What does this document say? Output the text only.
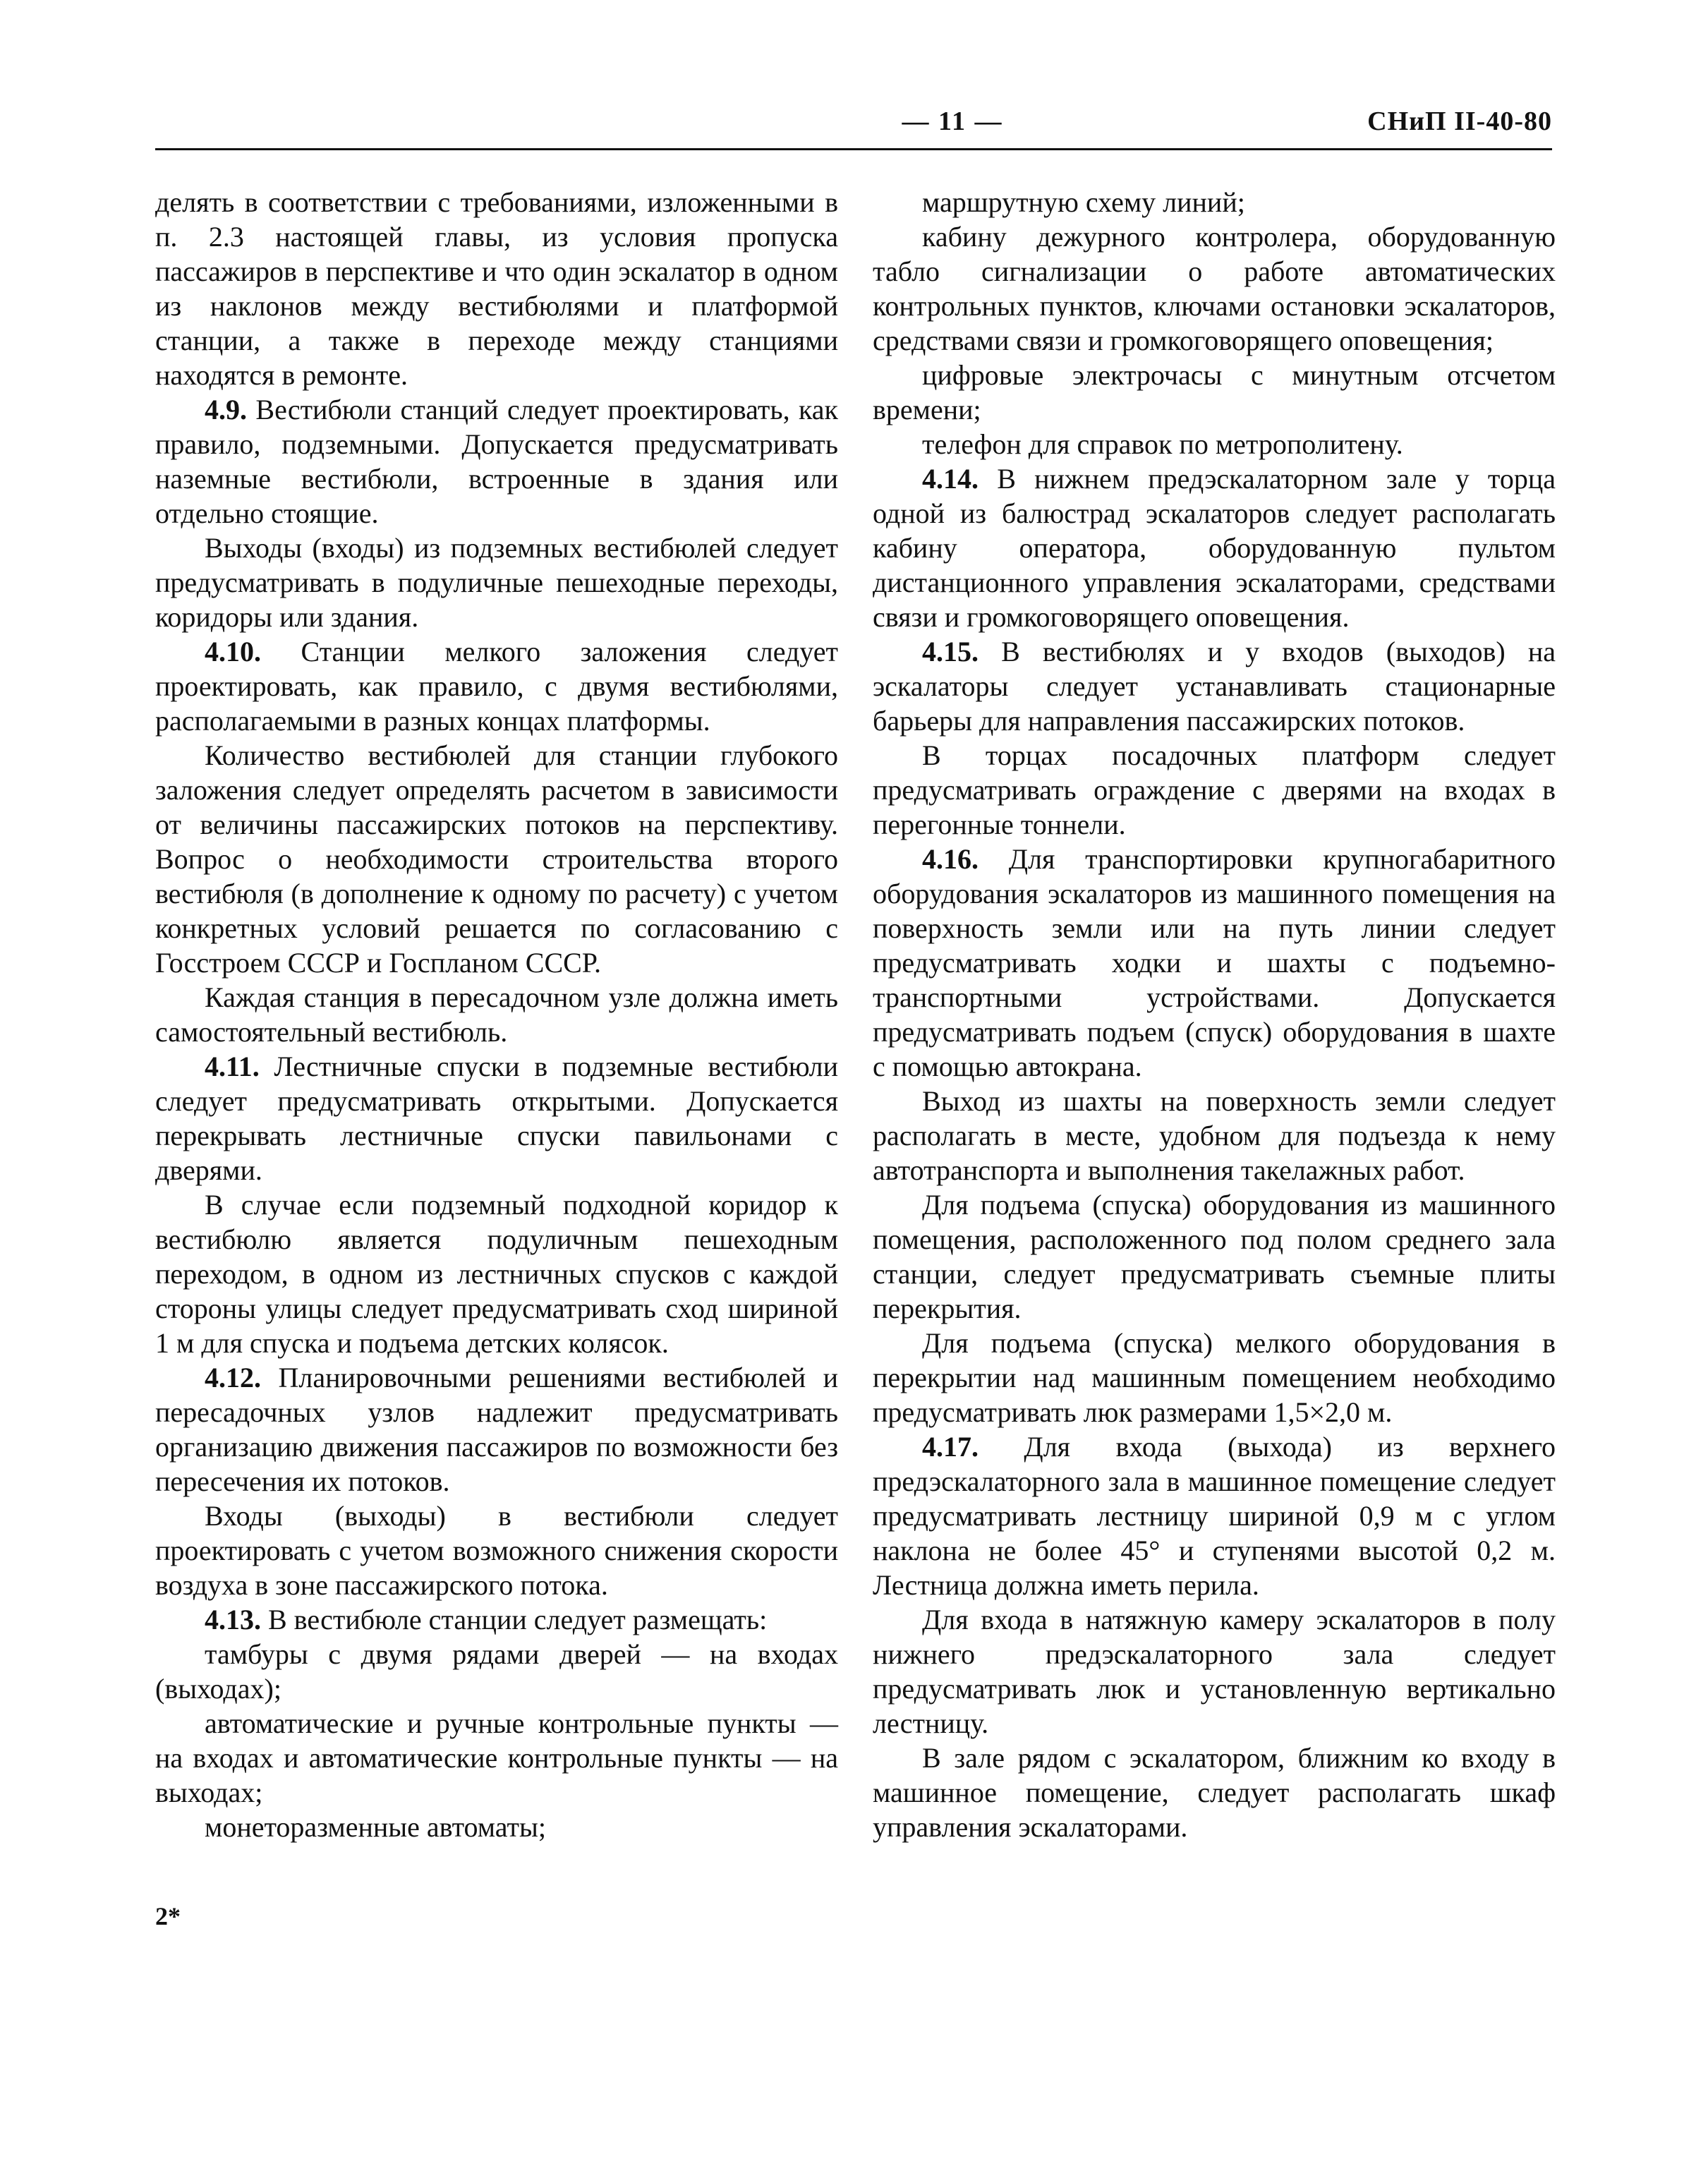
— 11 —	СНиП II-40-80

делять в соответствии с требованиями, изложенными в п. 2.3 настоящей главы, из условия пропуска пассажиров в перспективе и что один эскалатор в одном из наклонов между вестибюлями и платформой станции, а также в переходе между станциями находятся в ремонте.

4.9. Вестибюли станций следует проектировать, как правило, подземными. Допускается предусматривать наземные вестибюли, встроенные в здания или отдельно стоящие.

Выходы (входы) из подземных вестибюлей следует предусматривать в подуличные пешеходные переходы, коридоры или здания.

4.10. Станции мелкого заложения следует проектировать, как правило, с двумя вестибюлями, располагаемыми в разных концах платформы.

Количество вестибюлей для станции глубокого заложения следует определять расчетом в зависимости от величины пассажирских потоков на перспективу. Вопрос о необходимости строительства второго вестибюля (в дополнение к одному по расчету) с учетом конкретных условий решается по согласованию с Госстроем СССР и Госпланом СССР.

Каждая станция в пересадочном узле должна иметь самостоятельный вестибюль.

4.11. Лестничные спуски в подземные вестибюли следует предусматривать открытыми. Допускается перекрывать лестничные спуски павильонами с дверями.

В случае если подземный подходной коридор к вестибюлю является подуличным пешеходным переходом, в одном из лестничных спусков с каждой стороны улицы следует предусматривать сход шириной 1 м для спуска и подъема детских колясок.

4.12. Планировочными решениями вестибюлей и пересадочных узлов надлежит предусматривать организацию движения пассажиров по возможности без пересечения их потоков.

Входы (выходы) в вестибюли следует проектировать с учетом возможного снижения скорости воздуха в зоне пассажирского потока.

4.13. В вестибюле станции следует размещать:

тамбуры с двумя рядами дверей — на входах (выходах);

автоматические и ручные контрольные пункты — на входах и автоматические контрольные пункты — на выходах;

монеторазменные автоматы;

маршрутную схему линий;

кабину дежурного контролера, оборудованную табло сигнализации о работе автоматических контрольных пунктов, ключами остановки эскалаторов, средствами связи и громкоговорящего оповещения;

цифровые электрочасы с минутным отсчетом времени;

телефон для справок по метрополитену.

4.14. В нижнем предэскалаторном зале у торца одной из балюстрад эскалаторов следует располагать кабину оператора, оборудованную пультом дистанционного управления эскалаторами, средствами связи и громкоговорящего оповещения.

4.15. В вестибюлях и у входов (выходов) на эскалаторы следует устанавливать стационарные барьеры для направления пассажирских потоков.

В торцах посадочных платформ следует предусматривать ограждение с дверями на входах в перегонные тоннели.

4.16. Для транспортировки крупногабаритного оборудования эскалаторов из машинного помещения на поверхность земли или на путь линии следует предусматривать ходки и шахты с подъемно-транспортными устройствами. Допускается предусматривать подъем (спуск) оборудования в шахте с помощью автокрана.

Выход из шахты на поверхность земли следует располагать в месте, удобном для подъезда к нему автотранспорта и выполнения такелажных работ.

Для подъема (спуска) оборудования из машинного помещения, расположенного под полом среднего зала станции, следует предусматривать съемные плиты перекрытия.

Для подъема (спуска) мелкого оборудования в перекрытии над машинным помещением необходимо предусматривать люк размерами 1,5×2,0 м.

4.17. Для входа (выхода) из верхнего предэскалаторного зала в машинное помещение следует предусматривать лестницу шириной 0,9 м с углом наклона не более 45° и ступенями высотой 0,2 м. Лестница должна иметь перила.

Для входа в натяжную камеру эскалаторов в полу нижнего предэскалаторного зала следует предусматривать люк и установленную вертикально лестницу.

В зале рядом с эскалатором, ближним ко входу в машинное помещение, следует располагать шкаф управления эскалаторами.

2*
